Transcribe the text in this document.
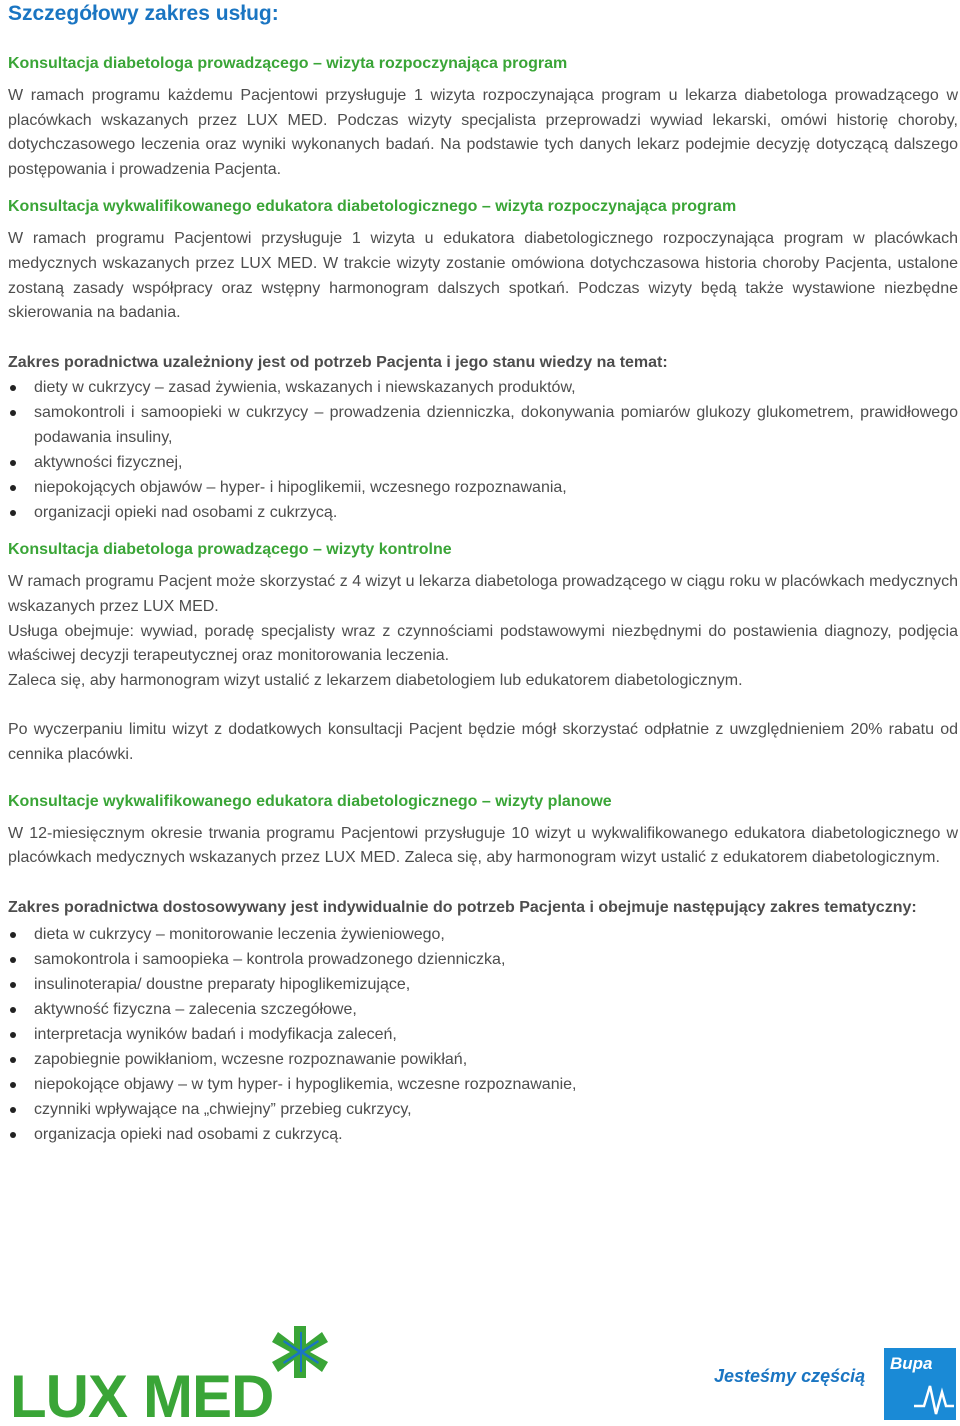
Szczegółowy zakres usług:
Konsultacja diabetologa prowadzącego – wizyta rozpoczynająca program

W ramach programu każdemu Pacjentowi przysługuje 1 wizyta rozpoczynająca program u lekarza diabetologa prowadzącego w placówkach wskazanych przez LUX MED. Podczas wizyty specjalista przeprowadzi wywiad lekarski, omówi historię choroby, dotychczasowego leczenia oraz wyniki wykonanych badań. Na podstawie tych danych lekarz podejmie decyzję dotyczącą dalszego postępowania i prowadzenia Pacjenta.

Konsultacja wykwalifikowanego edukatora diabetologicznego – wizyta rozpoczynająca program

W ramach programu Pacjentowi przysługuje 1 wizyta u edukatora diabetologicznego rozpoczynająca program w placówkach medycznych wskazanych przez LUX MED. W trakcie wizyty zostanie omówiona dotychczasowa historia choroby Pacjenta, ustalone zostaną zasady współpracy oraz wstępny harmonogram dalszych spotkań. Podczas wizyty będą także wystawione niezbędne skierowania na badania.

Zakres poradnictwa uzależniony jest od potrzeb Pacjenta i jego stanu wiedzy na temat:
diety w cukrzycy – zasad żywienia, wskazanych i niewskazanych produktów,
samokontroli i samoopieki w cukrzycy – prowadzenia dzienniczka, dokonywania pomiarów glukozy glukometrem, prawidłowego podawania insuliny,
aktywności fizycznej,
niepokojących objawów – hyper- i hipoglikemii, wczesnego rozpoznawania,
organizacji opieki nad osobami z cukrzycą.
Konsultacja diabetologa prowadzącego – wizyty kontrolne

W ramach programu Pacjent może skorzystać z 4 wizyt u lekarza diabetologa prowadzącego w ciągu roku w placówkach medycznych wskazanych przez LUX MED.

Usługa obejmuje: wywiad, poradę specjalisty wraz z czynnościami podstawowymi niezbędnymi do postawienia diagnozy, podjęcia właściwej decyzji terapeutycznej oraz monitorowania leczenia.

Zaleca się, aby harmonogram wizyt ustalić z lekarzem diabetologiem lub edukatorem diabetologicznym.

Po wyczerpaniu limitu wizyt z dodatkowych konsultacji Pacjent będzie mógł skorzystać odpłatnie z uwzględnieniem 20% rabatu od cennika placówki.

Konsultacje wykwalifikowanego edukatora diabetologicznego – wizyty planowe

W 12-miesięcznym okresie trwania programu Pacjentowi przysługuje 10 wizyt u wykwalifikowanego edukatora diabetologicznego w placówkach medycznych wskazanych przez LUX MED. Zaleca się, aby harmonogram wizyt ustalić z edukatorem diabetologicznym.

Zakres poradnictwa dostosowywany jest indywidualnie do potrzeb Pacjenta i obejmuje następujący zakres tematyczny:
dieta w cukrzycy – monitorowanie leczenia żywieniowego,
samokontrola i samoopieka – kontrola prowadzonego dzienniczka,
insulinoterapia/ doustne preparaty hipoglikemizujące,
aktywność fizyczna – zalecenia szczegółowe,
interpretacja wyników badań i modyfikacja zaleceń,
zapobiegnie powikłaniom, wczesne rozpoznawanie powikłań,
niepokojące objawy – w tym hyper- i hypoglikemia, wczesne rozpoznawanie,
czynniki wpływające na „chwiejny” przebieg cukrzycy,
organizacja opieki nad osobami z cukrzycą.
LUX MED	Jesteśmy częścią
Bupa
